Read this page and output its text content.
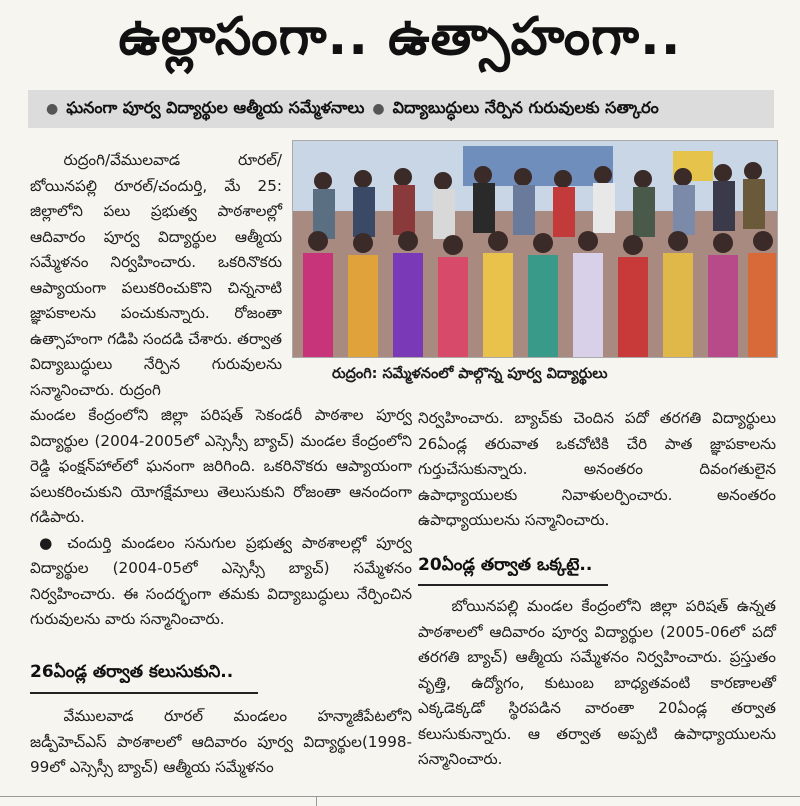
ఉల్లాసంగా.. ఉత్సాహంగా..
● ఘనంగా పూర్వ విద్యార్థుల ఆత్మీయ సమ్మేళనాలు ● విద్యాబుద్ధులు నేర్పిన గురువులకు సత్కారం

రుద్రంగి/వేములవాడ రూరల్/బోయినపల్లి రూరల్/చందుర్తి, మే 25: జిల్లాలోని పలు ప్రభుత్వ పాఠశాలల్లో ఆదివారం పూర్వ విద్యార్థుల ఆత్మీయ సమ్మేళనం నిర్వహించారు. ఒకరినొకరు ఆప్యాయంగా పలుకరించుకొని చిన్ననాటి జ్ఞాపకాలను పంచుకున్నారు. రోజంతా ఉత్సాహంగా గడిపి సందడి చేశారు. తర్వాత విద్యాబుద్ధులు నేర్పిన గురువులను సన్మానించారు. రుద్రంగి

రుద్రంగి: సమ్మేళనంలో పాల్గొన్న పూర్వ విద్యార్థులు

మండల కేంద్రంలోని జిల్లా పరిషత్ సెకండరీ పాఠశాల పూర్వ విద్యార్థుల (2004-2005లో ఎస్సెస్సీ బ్యాచ్) మండల కేంద్రంలోని రెడ్డి ఫంక్షన్‌హాల్‌లో ఘనంగా జరిగింది. ఒకరినొకరు ఆప్యాయంగా పలుకరించుకుని యోగక్షేమాలు తెలుసుకుని రోజంతా ఆనందంగా గడిపారు.

● చందుర్తి మండలం సనుగుల ప్రభుత్వ పాఠశాలల్లో పూర్వ విద్యార్థుల (2004-05లో ఎస్సెస్సీ బ్యాచ్) సమ్మేళనం నిర్వహించారు. ఈ సందర్భంగా తమకు విద్యాబుద్ధులు నేర్పించిన గురువులను వారు సన్మానించారు.

26ఏండ్ల తర్వాత కలుసుకుని..

వేములవాడ రూరల్ మండలం హన్మాజీపేటలోని జడ్పీహెచ్ఎస్ పాఠశాలలో ఆదివారం పూర్వ విద్యార్థుల(1998-99లో ఎస్సెస్సీ బ్యాచ్) ఆత్మీయ సమ్మేళనం

నిర్వహించారు. బ్యాచ్‌కు చెందిన పదో తరగతి విద్యార్థులు 26ఏండ్ల తరువాత ఒకచోటికి చేరి పాత జ్ఞాపకాలను గుర్తుచేసుకున్నారు. అనంతరం దివంగతులైన ఉపాధ్యాయులకు నివాళులర్పించారు. అనంతరం ఉపాధ్యాయులను సన్మానించారు.

20ఏండ్ల తర్వాత ఒక్కటై..

బోయినపల్లి మండల కేంద్రంలోని జిల్లా పరిషత్ ఉన్నత పాఠశాలలో ఆదివారం పూర్వ విద్యార్థుల (2005-06లో పదో తరగతి బ్యాచ్) ఆత్మీయ సమ్మేళనం నిర్వహించారు. ప్రస్తుతం వృత్తి, ఉద్యోగం, కుటుంబ బాధ్యతవంటి కారణాలతో ఎక్కడెక్కడో స్థిరపడిన వారంతా 20ఏండ్ల తర్వాత కలుసుకున్నారు. ఆ తర్వాత అప్పటి ఉపాధ్యాయులను సన్మానించారు.
